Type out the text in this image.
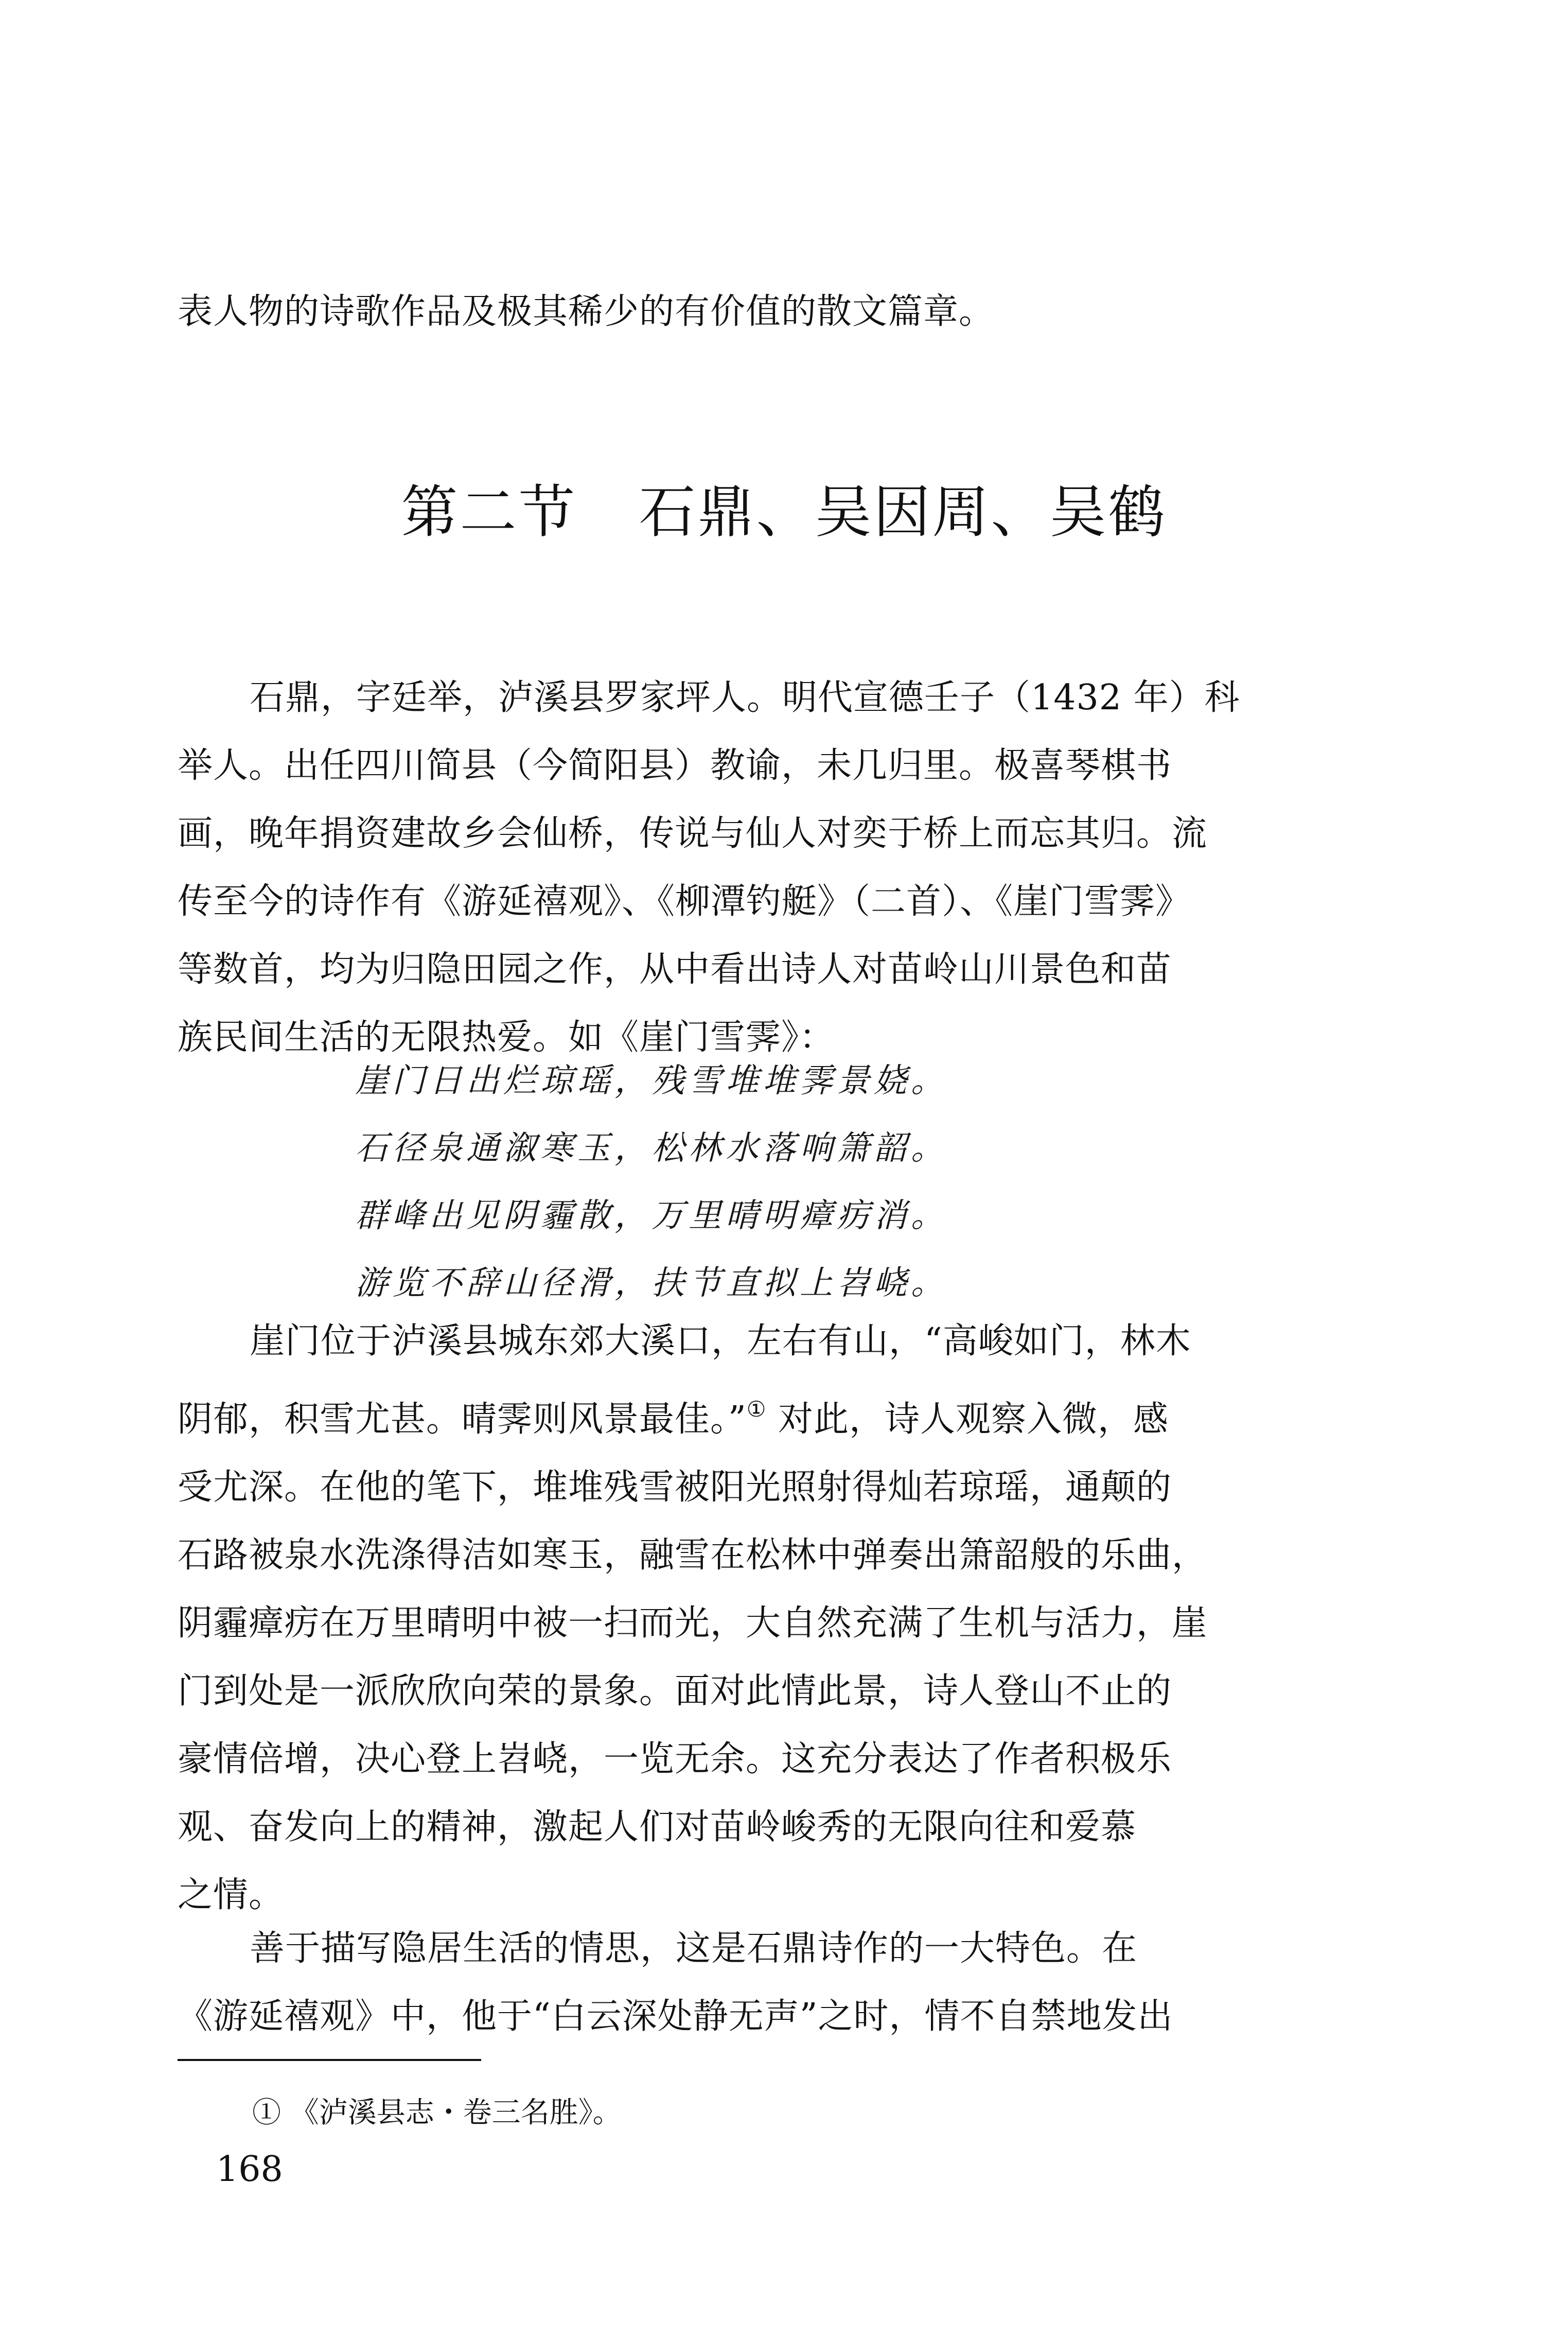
表人物的诗歌作品及极其稀少的有价值的散文篇章。

第二节 石鼎、吴因周、吴鹤
石鼎，字廷举，泸溪县罗家坪人。明代宣德壬子（1432 年）科
举人。出任四川简县（今简阳县）教谕，未几归里。极喜琴棋书
画，晚年捐资建故乡会仙桥，传说与仙人对奕于桥上而忘其归。流
传至今的诗作有《游延禧观》、《柳潭钓艇》（二首）、《崖门雪霁》
等数首，均为归隐田园之作，从中看出诗人对苗岭山川景色和苗
族民间生活的无限热爱。如《崖门雪霁》：
崖门日出烂琼瑶，残雪堆堆霁景娆。
石径泉通溆寒玉，松林水落响箫韶。
群峰出见阴霾散，万里晴明瘴疠消。
游览不辞山径滑，扶节直拟上岧峣。
崖门位于泸溪县城东郊大溪口，左右有山，“高峻如门，林木
阴郁，积雪尤甚。晴霁则风景最佳。”① 对此，诗人观察入微，感
受尤深。在他的笔下，堆堆残雪被阳光照射得灿若琼瑶，通颠的
石路被泉水洗涤得洁如寒玉，融雪在松林中弹奏出箫韶般的乐曲，
阴霾瘴疠在万里晴明中被一扫而光，大自然充满了生机与活力，崖
门到处是一派欣欣向荣的景象。面对此情此景，诗人登山不止的
豪情倍增，决心登上岧峣，一览无余。这充分表达了作者积极乐
观、奋发向上的精神，激起人们对苗岭峻秀的无限向往和爱慕
之情。
善于描写隐居生活的情思，这是石鼎诗作的一大特色。在
《游延禧观》中，他于“白云深处静无声”之时，情不自禁地发出

① 《泸溪县志・卷三名胜》。

168
